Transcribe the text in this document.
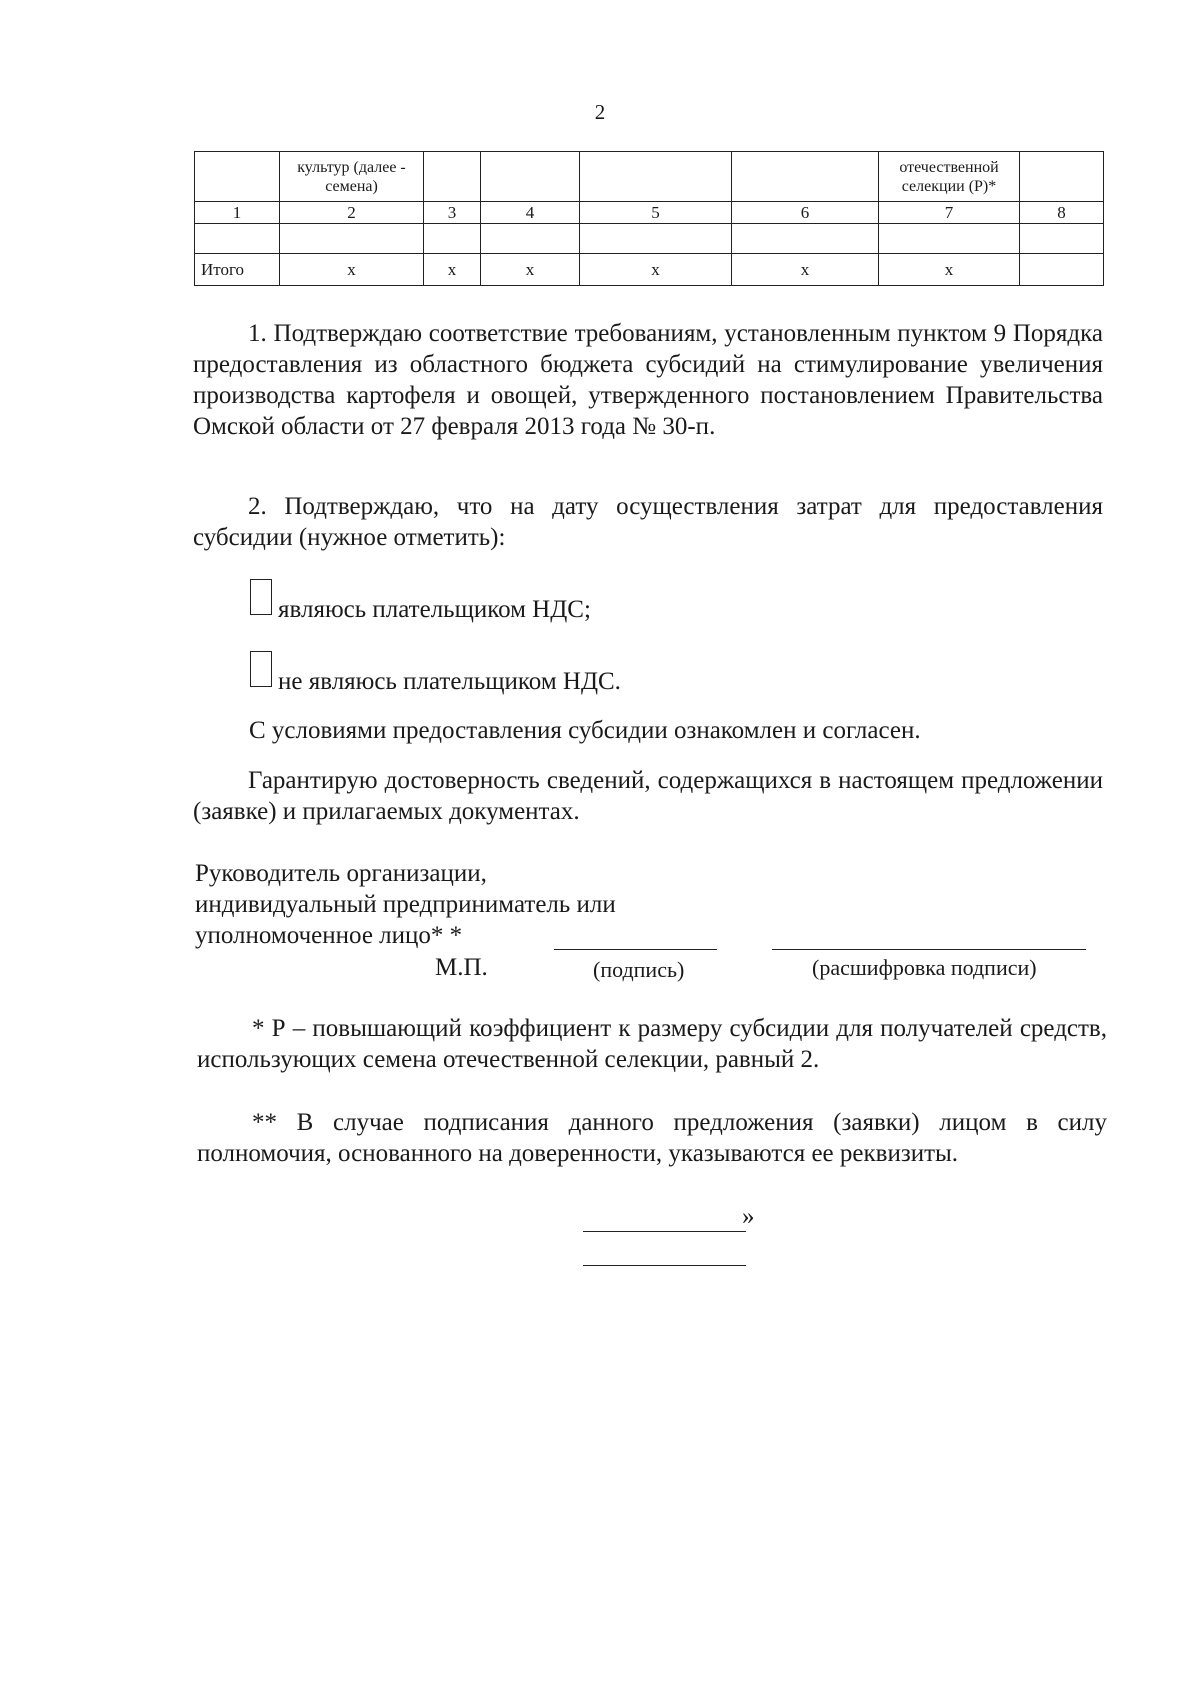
2
	культур (далее - семена)					отечественной селекции (Р)*	
1	2	3	4	5	6	7	8

Итого	х	х	х	х	х	х	
1. Подтверждаю соответствие требованиям, установленным пунктом 9 Порядка предоставления из областного бюджета субсидий на стимулирование увеличения производства картофеля и овощей, утвержденного постановлением Правительства Омской области от 27 февраля 2013 года № 30-п.
2. Подтверждаю, что на дату осуществления затрат для предоставления субсидии (нужное отметить):
являюсь плательщиком НДС;
не являюсь плательщиком НДС.
С условиями предоставления субсидии ознакомлен и согласен.
Гарантирую достоверность сведений, содержащихся в настоящем предложении (заявке) и прилагаемых документах.
Руководитель организации,
индивидуальный предприниматель или
уполномоченное лицо* *
М.П.	(подпись)	(расшифровка подписи)
* Р – повышающий коэффициент к размеру субсидии для получателей средств, использующих семена отечественной селекции, равный 2.
** В случае подписания данного предложения (заявки) лицом в силу полномочия, основанного на доверенности, указываются ее реквизиты.
»
